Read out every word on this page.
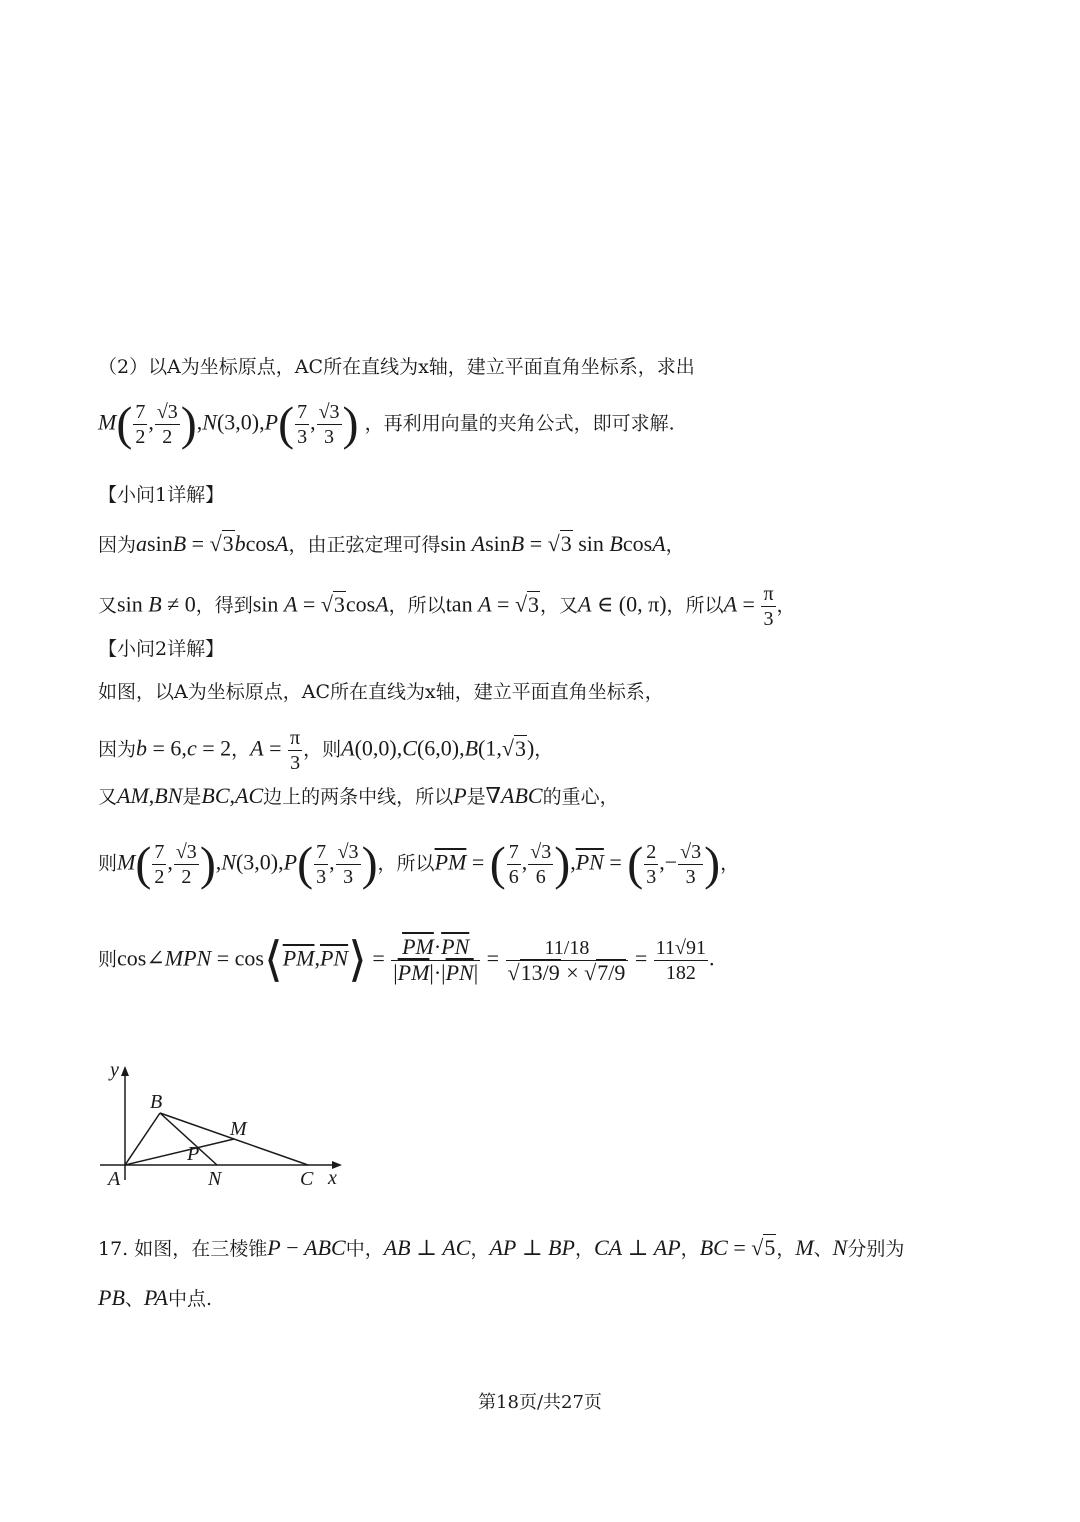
（2）以A为坐标原点，AC所在直线为x轴，建立平面直角坐标系，求出
$M( \frac{7}{2}$ , $\frac{√3}{2} ),N(3,0),P( \frac{7}{3}$ , $\frac{√3}{3}$ ) ，再利用向量的夹角公式，即可求解.
【小问1详解】
因为asinB = √3bcosA，由正弦定理可得sin AsinB = √3 sin BcosA，
又sin B ≠ 0，得到sin A = √3cosA，所以tan A = √3，又A ∈ (0, π)，所以$A = \frac{\pi}{3}$ ，
【小问2详解】
如图，以A为坐标原点，AC所在直线为x轴，建立平面直角坐标系，
因为b = 6,c = 2，$A = \frac{\pi}{3}$ ，则A(0,0),C(6,0),B(1,√3)，
又AM,BN是BC,AC边上的两条中线，所以P是∇ABC的重心，
则$M( \frac{7}{2}$ , $\frac{√3}{2} ),N(3,0),P( \frac{7}{3}$ , $\frac{√3}{3}$ )，所以$\overline{PM}$ = ( $\frac{7}{6}$ , $\frac{√3}{6} ),\overline{PN}$ = ( $\frac{2}{3}$ ,− $\frac{√3}{3}$ )，
则cos∠MPN = $\cos⟨\overline{PM},\overline{PN}⟩ = \frac{\overline{PM}\cdot\overline{PN}}{|\overline{PM}|\cdot|\overline{PN}|} = \frac{11/18}{√13/9 \times √7/9} = \frac{11√91}{182}$ .
y
x
A
B
C
M
N
P
17. 如图，在三棱锥P − ABC中，AB ⊥ AC，AP ⊥ BP，CA ⊥ AP，BC = √5，M、N分别为
PB、PA中点.
第18页/共27页
